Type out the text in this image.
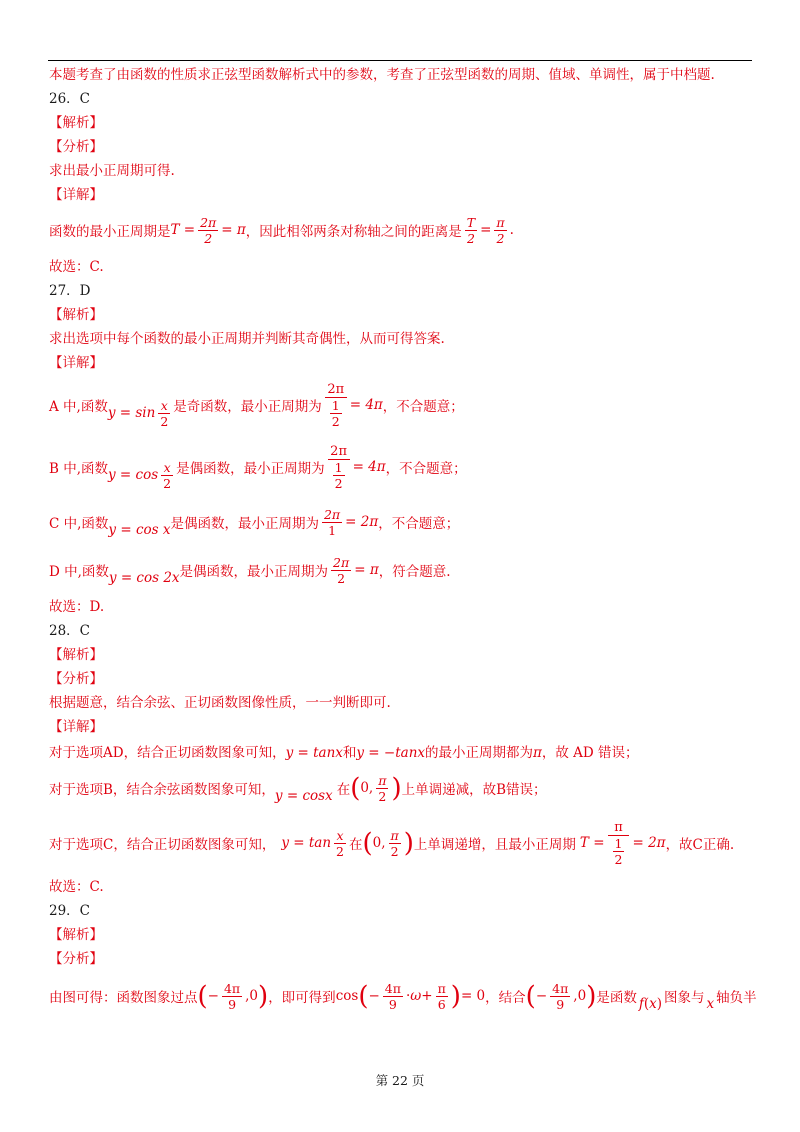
本题考查了由函数的性质求正弦型函数解析式中的参数，考查了正弦型函数的周期、值域、单调性，属于中档题.

26．C

【解析】

【分析】

求出最小正周期可得.

【详解】

函数的最小正周期是 $T = \frac{2\pi}{2} = \pi$ ，因此相邻两条对称轴之间的距离是 $\frac{T}{2} = \frac{\pi}{2}$ .

故选：C.

27．D

【解析】

求出选项中每个函数的最小正周期并判断其奇偶性，从而可得答案.

【详解】

A 中,函数 $y = \sin \frac{x}{2}$ 是奇函数，最小正周期为 $\frac{2\pi}{\frac{1}{2}} = 4\pi$ ，不合题意；
B 中,函数 $y = \cos \frac{x}{2}$ 是偶函数，最小正周期为 $\frac{2\pi}{\frac{1}{2}} = 4\pi$ ，不合题意；
C 中,函数 y = cos x 是偶函数，最小正周期为 $\frac{2\pi}{1} = 2\pi$ ，不合题意；
D 中,函数 y = cos 2x 是偶函数，最小正周期为 $\frac{2\pi}{2} = \pi$ ，符合题意.

故选：D.

28．C

【解析】

【分析】

根据题意，结合余弦、正切函数图像性质，一一判断即可.

【详解】

对于选项AD，结合正切函数图象可知，y = tanx和y = −tanx的最小正周期都为π，故 AD 错误；
对于选项B，结合余弦函数图象可知， y = cosx 在 (0, $\frac{\pi}{2}$ ) 上单调递减，故B错误；
对于选项C，结合正切函数图象可知， $y = \tan \frac{x}{2}$ 在 (0, $\frac{\pi}{2}$ ) 上单调递增，且最小正周期 $T = \frac{\pi}{\frac{1}{2}} = 2\pi$ ，故C正确.

故选：C.

29．C

【解析】

【分析】

由图可得：函数图象过点 (− $\frac{4\pi}{9} ,0$) ，即可得到 $\cos(- \frac{4\pi}{9} \cdot\omega+ \frac{\pi}{6}$ )= 0 ，结合 (− $\frac{4\pi}{9} ,0$) 是函数 f(x) 图象与 x 轴负半
第 22 页
